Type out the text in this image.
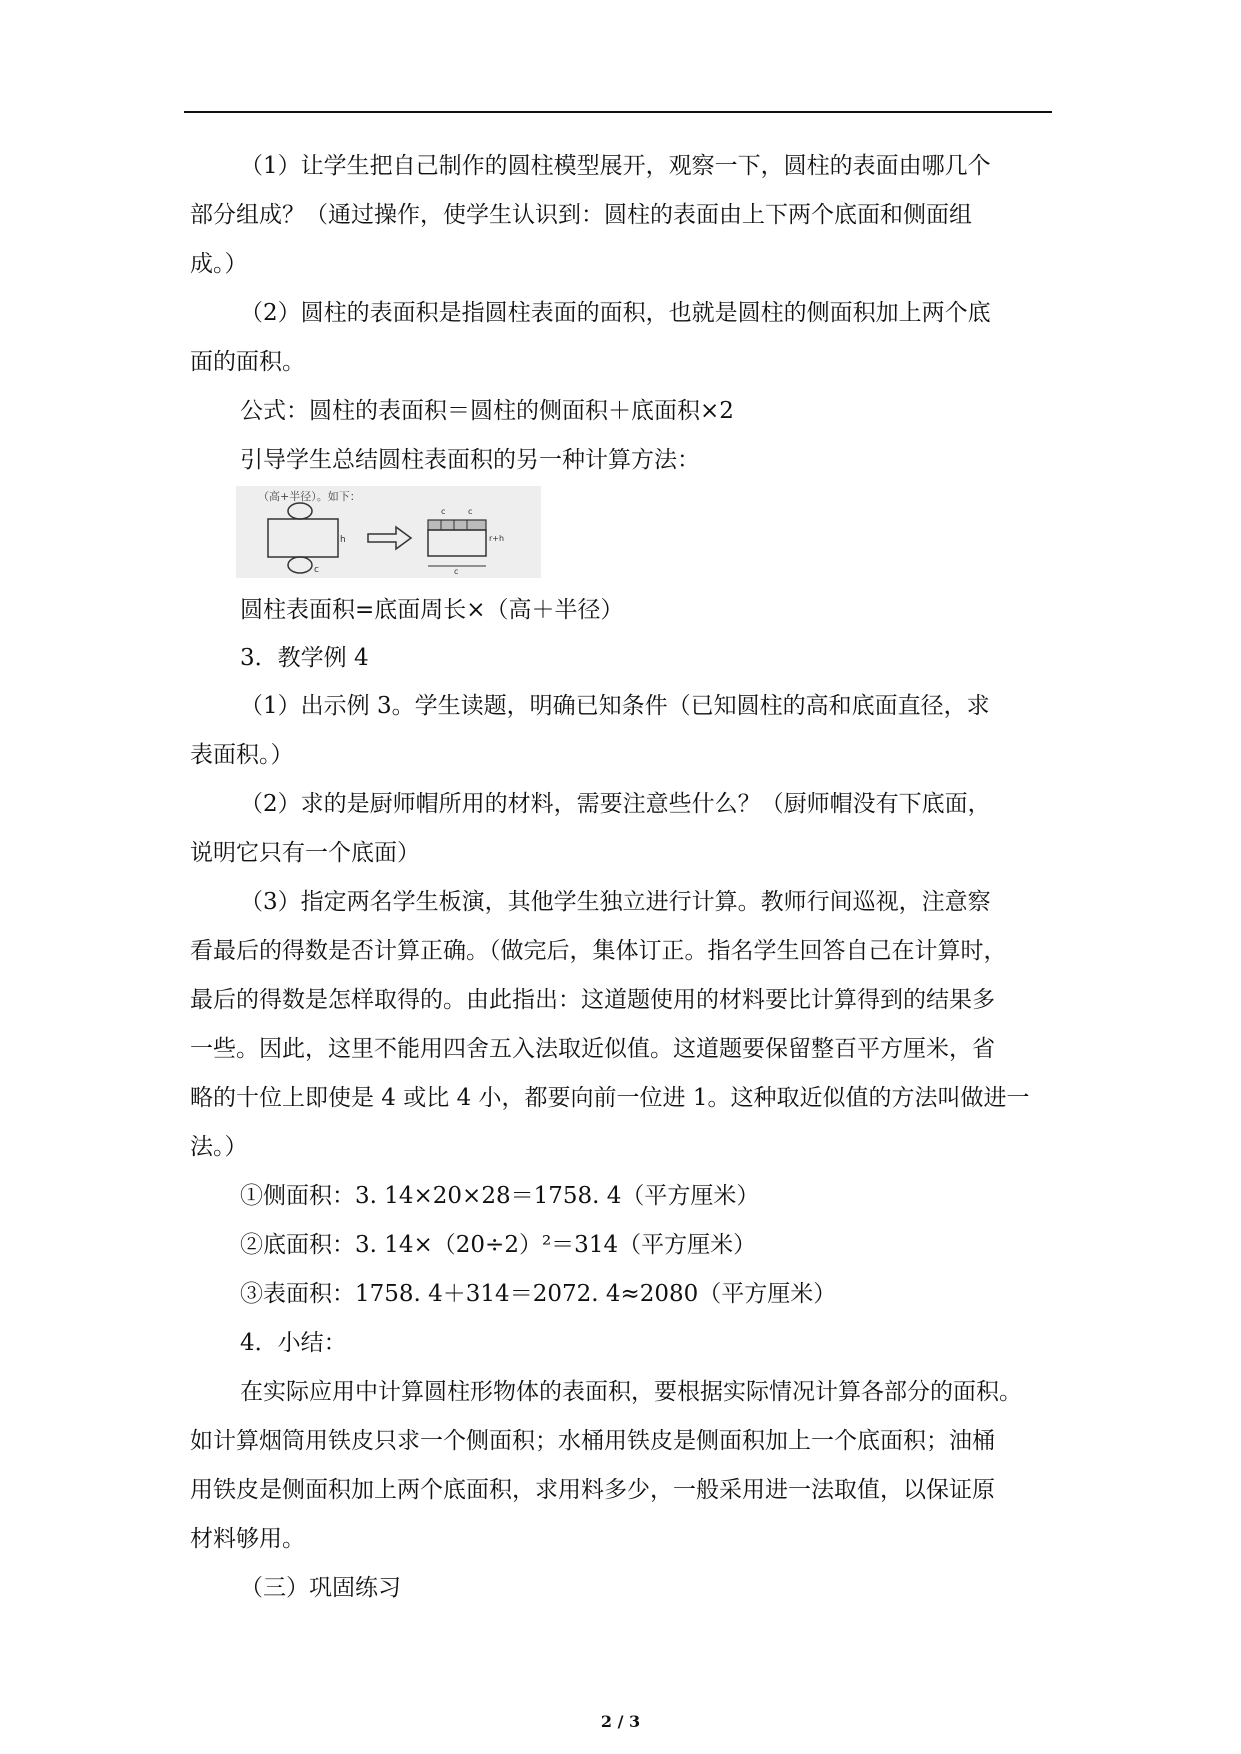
（1）让学生把自己制作的圆柱模型展开，观察一下，圆柱的表面由哪几个
部分组成？（通过操作，使学生认识到：圆柱的表面由上下两个底面和侧面组
成。）
（2）圆柱的表面积是指圆柱表面的面积，也就是圆柱的侧面积加上两个底
面的面积。
公式：圆柱的表面积＝圆柱的侧面积＋底面积×2
引导学生总结圆柱表面积的另一种计算方法：
（高+半径）。如下：
h
c
c	c
r+h
c
圆柱表面积=底面周长×（高＋半径）
3．教学例 4
（1）出示例 3。学生读题，明确已知条件（已知圆柱的高和底面直径，求
表面积。）
（2）求的是厨师帽所用的材料，需要注意些什么？（厨师帽没有下底面，
说明它只有一个底面）
（3）指定两名学生板演，其他学生独立进行计算。教师行间巡视，注意察
看最后的得数是否计算正确。（做完后，集体订正。指名学生回答自己在计算时，
最后的得数是怎样取得的。由此指出：这道题使用的材料要比计算得到的结果多
一些。因此，这里不能用四舍五入法取近似值。这道题要保留整百平方厘米，省
略的十位上即使是 4 或比 4 小，都要向前一位进 1。这种取近似值的方法叫做进一
法。）
①侧面积：3. 14×20×28＝1758. 4（平方厘米）
②底面积：3. 14×（20÷2）²＝314（平方厘米）
③表面积：1758. 4＋314＝2072. 4≈2080（平方厘米）
4．小结：
在实际应用中计算圆柱形物体的表面积，要根据实际情况计算各部分的面积。
如计算烟筒用铁皮只求一个侧面积；水桶用铁皮是侧面积加上一个底面积；油桶
用铁皮是侧面积加上两个底面积，求用料多少，一般采用进一法取值，以保证原
材料够用。
（三）巩固练习
2 / 3
